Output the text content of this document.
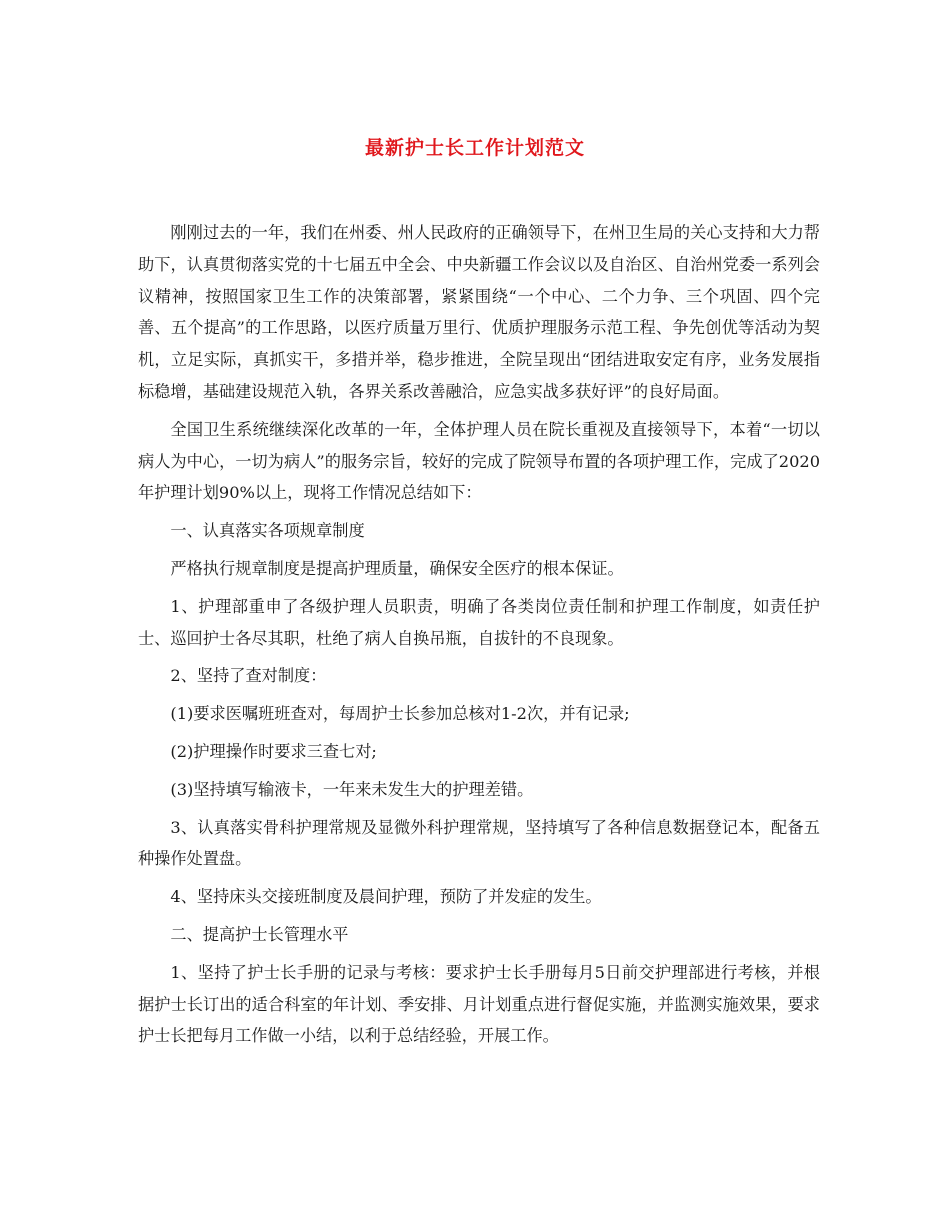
最新护士长工作计划范文

刚刚过去的一年，我们在州委、州人民政府的正确领导下，在州卫生局的关心支持和大力帮助下，认真贯彻落实党的十七届五中全会、中央新疆工作会议以及自治区、自治州党委一系列会议精神，按照国家卫生工作的决策部署，紧紧围绕“一个中心、二个力争、三个巩固、四个完善、五个提高”的工作思路，以医疗质量万里行、优质护理服务示范工程、争先创优等活动为契机，立足实际，真抓实干，多措并举，稳步推进，全院呈现出“团结进取安定有序，业务发展指标稳增，基础建设规范入轨，各界关系改善融洽，应急实战多获好评”的良好局面。

全国卫生系统继续深化改革的一年，全体护理人员在院长重视及直接领导下，本着“一切以病人为中心，一切为病人”的服务宗旨，较好的完成了院领导布置的各项护理工作，完成了2020年护理计划90%以上，现将工作情况总结如下：

一、认真落实各项规章制度

严格执行规章制度是提高护理质量，确保安全医疗的根本保证。

1、护理部重申了各级护理人员职责，明确了各类岗位责任制和护理工作制度，如责任护士、巡回护士各尽其职，杜绝了病人自换吊瓶，自拔针的不良现象。

2、坚持了查对制度：

(1)要求医嘱班班查对，每周护士长参加总核对1-2次，并有记录;

(2)护理操作时要求三查七对;

(3)坚持填写输液卡，一年来未发生大的护理差错。

3、认真落实骨科护理常规及显微外科护理常规，坚持填写了各种信息数据登记本，配备五种操作处置盘。

4、坚持床头交接班制度及晨间护理，预防了并发症的发生。

二、提高护士长管理水平

1、坚持了护士长手册的记录与考核：要求护士长手册每月5日前交护理部进行考核，并根据护士长订出的适合科室的年计划、季安排、月计划重点进行督促实施，并监测实施效果，要求护士长把每月工作做一小结，以利于总结经验，开展工作。
